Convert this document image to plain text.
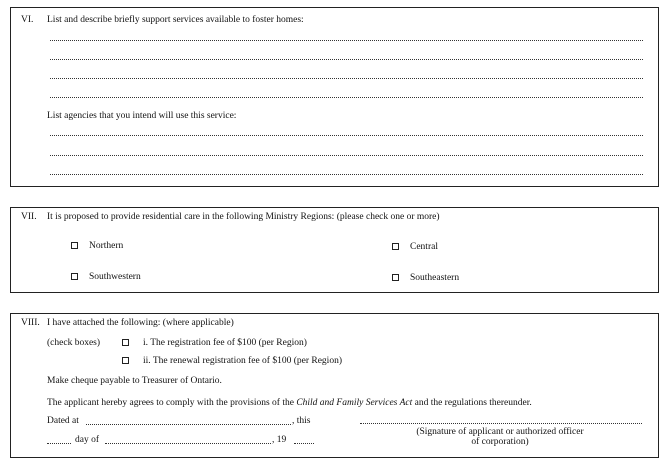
VI. List and describe briefly support services available to foster homes:
List agencies that you intend will use this service:
VII. It is proposed to provide residential care in the following Ministry Regions: (please check one or more)
Northern	Central
Southwestern	Southeastern
VIII. I have attached the following: (where applicable)
(check boxes)	i. The registration fee of $100 (per Region)
ii. The renewal registration fee of $100 (per Region)
Make cheque payable to Treasurer of Ontario.
The applicant hereby agrees to comply with the provisions of the Child and Family Services Act and the regulations thereunder.
Dated at	, this
day of	, 19
(Signature of applicant or authorized officer
of corporation)
